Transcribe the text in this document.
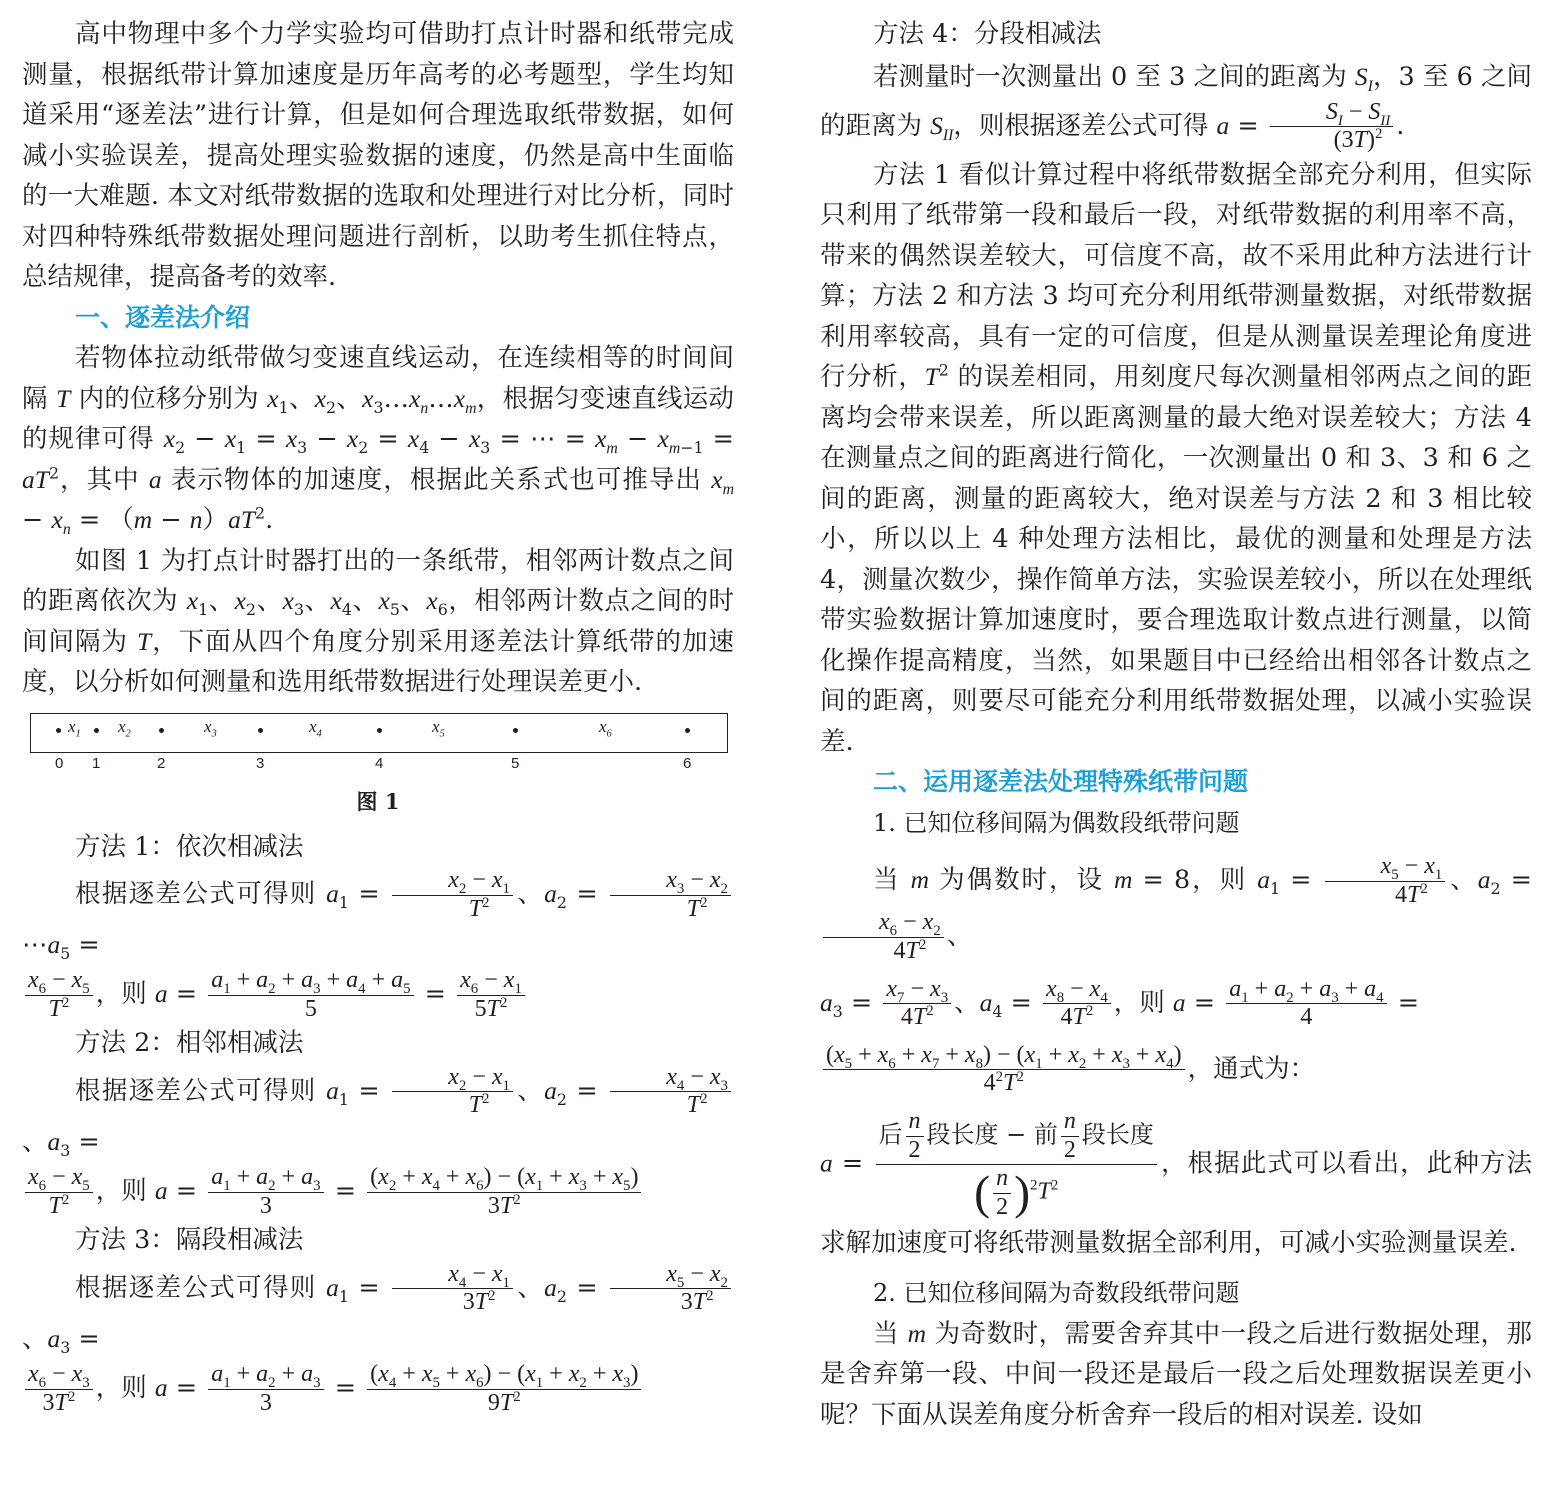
高中物理中多个力学实验均可借助打点计时器和纸带完成测量，根据纸带计算加速度是历年高考的必考题型，学生均知道采用“逐差法”进行计算，但是如何合理选取纸带数据，如何减小实验误差，提高处理实验数据的速度，仍然是高中生面临的一大难题. 本文对纸带数据的选取和处理进行对比分析，同时对四种特殊纸带数据处理问题进行剖析，以助考生抓住特点，总结规律，提高备考的效率.

一、逐差法介绍

若物体拉动纸带做匀变速直线运动，在连续相等的时间间隔 T 内的位移分别为 $x_1$、$x_2$、$x_3\dots x_n\dots x_m$，根据匀变速直线运动的规律可得 $x_2 - x_1 = x_3 - x_2 = x_4 - x_3$ = ⋯ = $x_m - x_{m-1} = aT^2$，其中 a 表示物体的加速度，根据此关系式也可推导出 $x_m - x_n = (m - n)aT^2$.

如图 1 为打点计时器打出的一条纸带，相邻两计数点之间的距离依次为 $x_1$、$x_2$、$x_3$、$x_4$、$x_5$、$x_6$，相邻两计数点之间的时间间隔为 T，下面从四个角度分别采用逐差法计算纸带的加速度，以分析如何测量和选用纸带数据进行处理误差更小.

$x_1$ $x_2$	$x_3$	$x_4$	$x_5$	$x_6$
0 1	2	3	4	5	6

图 1

方法 1：依次相减法

根据逐差公式可得则 $a_1 = \frac{x_2 - x_1}{T^2}$ 、$a_2 = \frac{x_3 - x_2}{T^2}$
$\cdots a_5$ =

$\frac{x_6 - x_5}{T^2}$ ，则 $a = \frac{a_1 + a_2 + a_3 + a_4 + a_5}{5} = \frac{x_6 - x_1}{5T^2}$

方法 2：相邻相减法

根据逐差公式可得则 $a_1 = \frac{x_2 - x_1}{T^2}$ 、$a_2 = \frac{x_4 - x_3}{T^2}$
、$a_3$ =

$\frac{x_6 - x_5}{T^2}$ ，则 $a = \frac{a_1 + a_2 + a_3}{3} = \frac{(x_2 + x_4 + x_6) - (x_1 + x_3 + x_5)}{3T^2}$

方法 3：隔段相减法

根据逐差公式可得则 $a_1 = \frac{x_4 - x_1}{3T^2}$ 、$a_2 = \frac{x_5 - x_2}{3T^2}$
、$a_3$ =

$\frac{x_6 - x_3}{3T^2}$ ，则 $a = \frac{a_1 + a_2 + a_3}{3} = \frac{(x_4 + x_5 + x_6) - (x_1 + x_2 + x_3)}{9T^2}$

方法 4：分段相减法

若测量时一次测量出 0 至 3 之间的距离为 $S_I$，3 至 6 之间的距离为 $S_{II}$，则根据逐差公式可得 $a = \frac{S_I - S_{II}}{(3T)^2}$ .

方法 1 看似计算过程中将纸带数据全部充分利用，但实际只利用了纸带第一段和最后一段，对纸带数据的利用率不高，带来的偶然误差较大，可信度不高，故不采用此种方法进行计算；方法 2 和方法 3 均可充分利用纸带测量数据，对纸带数据利用率较高，具有一定的可信度，但是从测量误差理论角度进行分析，$T^2$ 的误差相同，用刻度尺每次测量相邻两点之间的距离均会带来误差，所以距离测量的最大绝对误差较大；方法 4 在测量点之间的距离进行简化，一次测量出 0 和 3、3 和 6 之间的距离，测量的距离较大，绝对误差与方法 2 和 3 相比较小，所以以上 4 种处理方法相比，最优的测量和处理是方法 4，测量次数少，操作简单方法，实验误差较小，所以在处理纸带实验数据计算加速度时，要合理选取计数点进行测量，以简化操作提高精度，当然，如果题目中已经给出相邻各计数点之间的距离，则要尽可能充分利用纸带数据处理，以减小实验误差.

二、运用逐差法处理特殊纸带问题

1. 已知位移间隔为偶数段纸带问题

当 m 为偶数时，设 m = 8，则 $a_1 = \frac{x_5 - x_1}{4T^2}$ 、$a_2$ =
$\frac{x_6 - x_2}{4T^2}$ 、

$a_3 = \frac{x_7 - x_3}{4T^2}$ 、$a_4 = \frac{x_8 - x_4}{4T^2}$ ，则 $a = \frac{a_1 + a_2 + a_3 + a_4}{4}$ =

$\frac{(x_5 + x_6 + x_7 + x_8) - (x_1 + x_2 + x_3 + x_4)}{4^2T^2}$ ，通式为：

$a = \frac{后 \frac{n}{2} 段长度 - 前 \frac{n}{2} 段长度}{( \frac{n}{2} )^2T^2}$ ，根据此式可以看出，此种方法求解加速度可将纸带测量数据全部利用，可减小实验测量误差.

2. 已知位移间隔为奇数段纸带问题

当 m 为奇数时，需要舍弃其中一段之后进行数据处理，那是舍弃第一段、中间一段还是最后一段之后处理数据误差更小呢？下面从误差角度分析舍弃一段后的相对误差. 设如
